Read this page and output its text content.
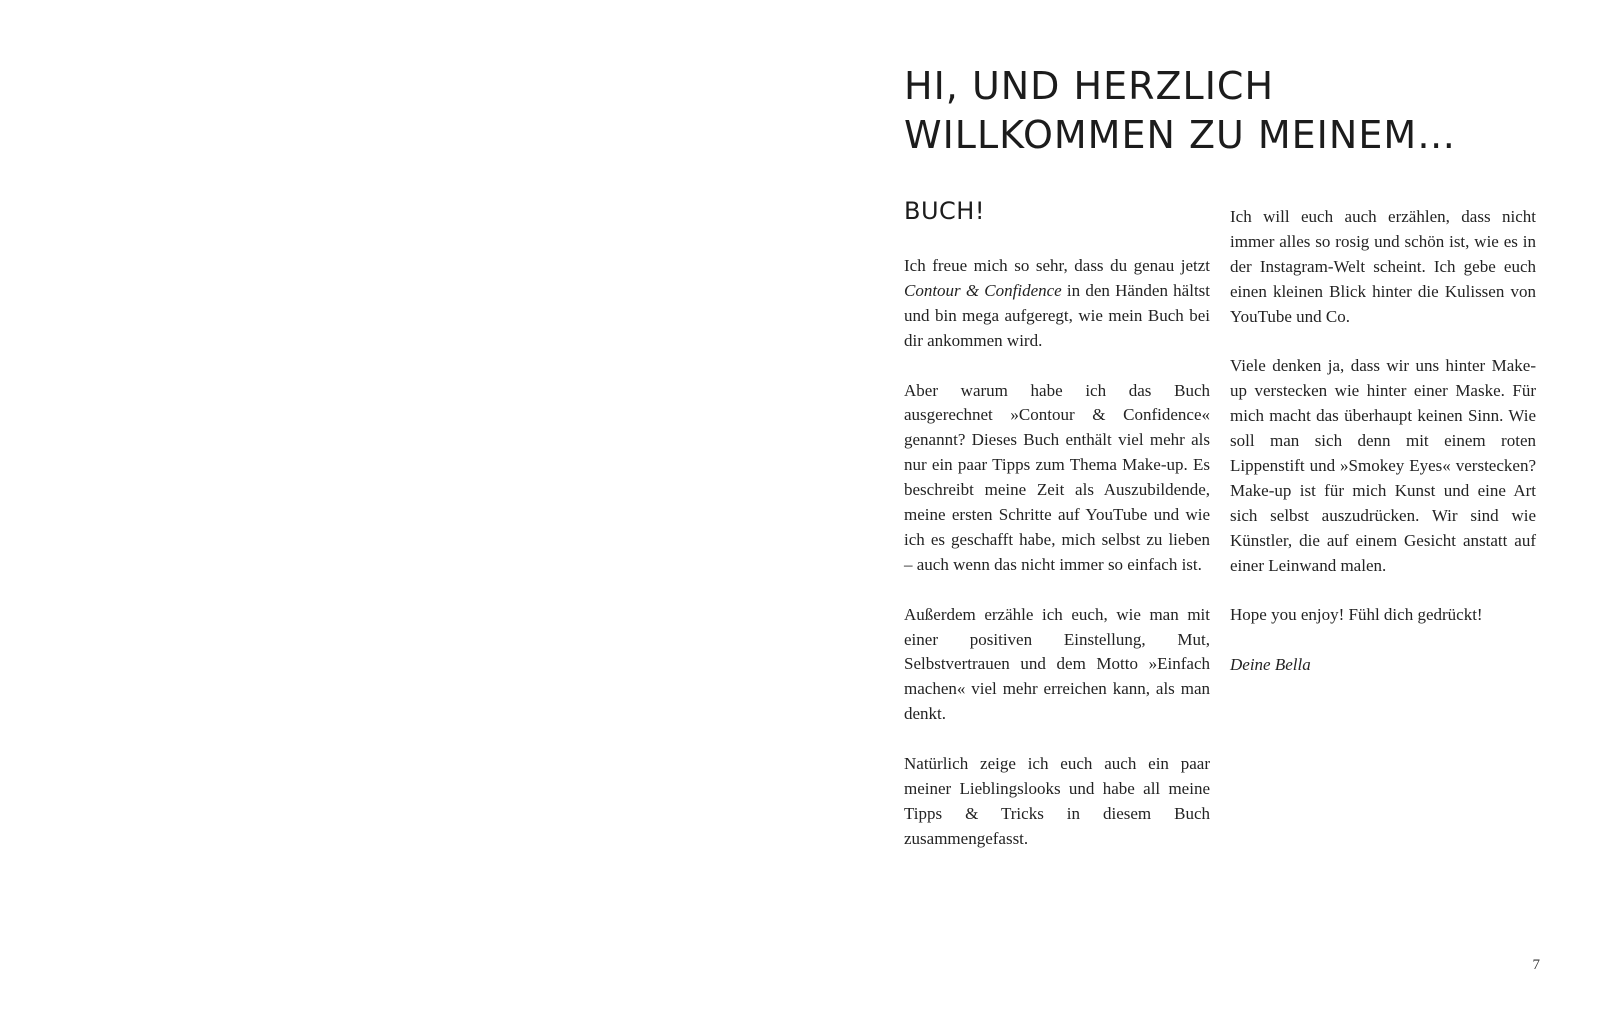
HI, UND HERZLICH
WILLKOMMEN ZU MEINEM…
BUCH!

Ich freue mich so sehr, dass du genau jetzt Contour & Confidence in den Händen hältst und bin mega aufgeregt, wie mein Buch bei dir ankommen wird.

Aber warum habe ich das Buch ausgerechnet »Contour & Confidence« genannt? Dieses Buch enthält viel mehr als nur ein paar Tipps zum Thema Make-up. Es beschreibt meine Zeit als Auszubildende, meine ersten Schritte auf YouTube und wie ich es geschafft habe, mich selbst zu lieben – auch wenn das nicht immer so einfach ist.

Außerdem erzähle ich euch, wie man mit einer positiven Einstellung, Mut, Selbstvertrauen und dem Motto »Einfach machen« viel mehr erreichen kann, als man denkt.

Natürlich zeige ich euch auch ein paar meiner Lieblingslooks und habe all meine Tipps & Tricks in diesem Buch zusammengefasst.

Ich will euch auch erzählen, dass nicht immer alles so rosig und schön ist, wie es in der Instagram-Welt scheint. Ich gebe euch einen kleinen Blick hinter die Kulissen von YouTube und Co.

Viele denken ja, dass wir uns hinter Make-up verstecken wie hinter einer Maske. Für mich macht das überhaupt keinen Sinn. Wie soll man sich denn mit einem roten Lippenstift und »Smokey Eyes« verstecken? Make-up ist für mich Kunst und eine Art sich selbst auszudrücken. Wir sind wie Künstler, die auf einem Gesicht anstatt auf einer Leinwand malen.

Hope you enjoy! Fühl dich gedrückt!

Deine Bella

7
